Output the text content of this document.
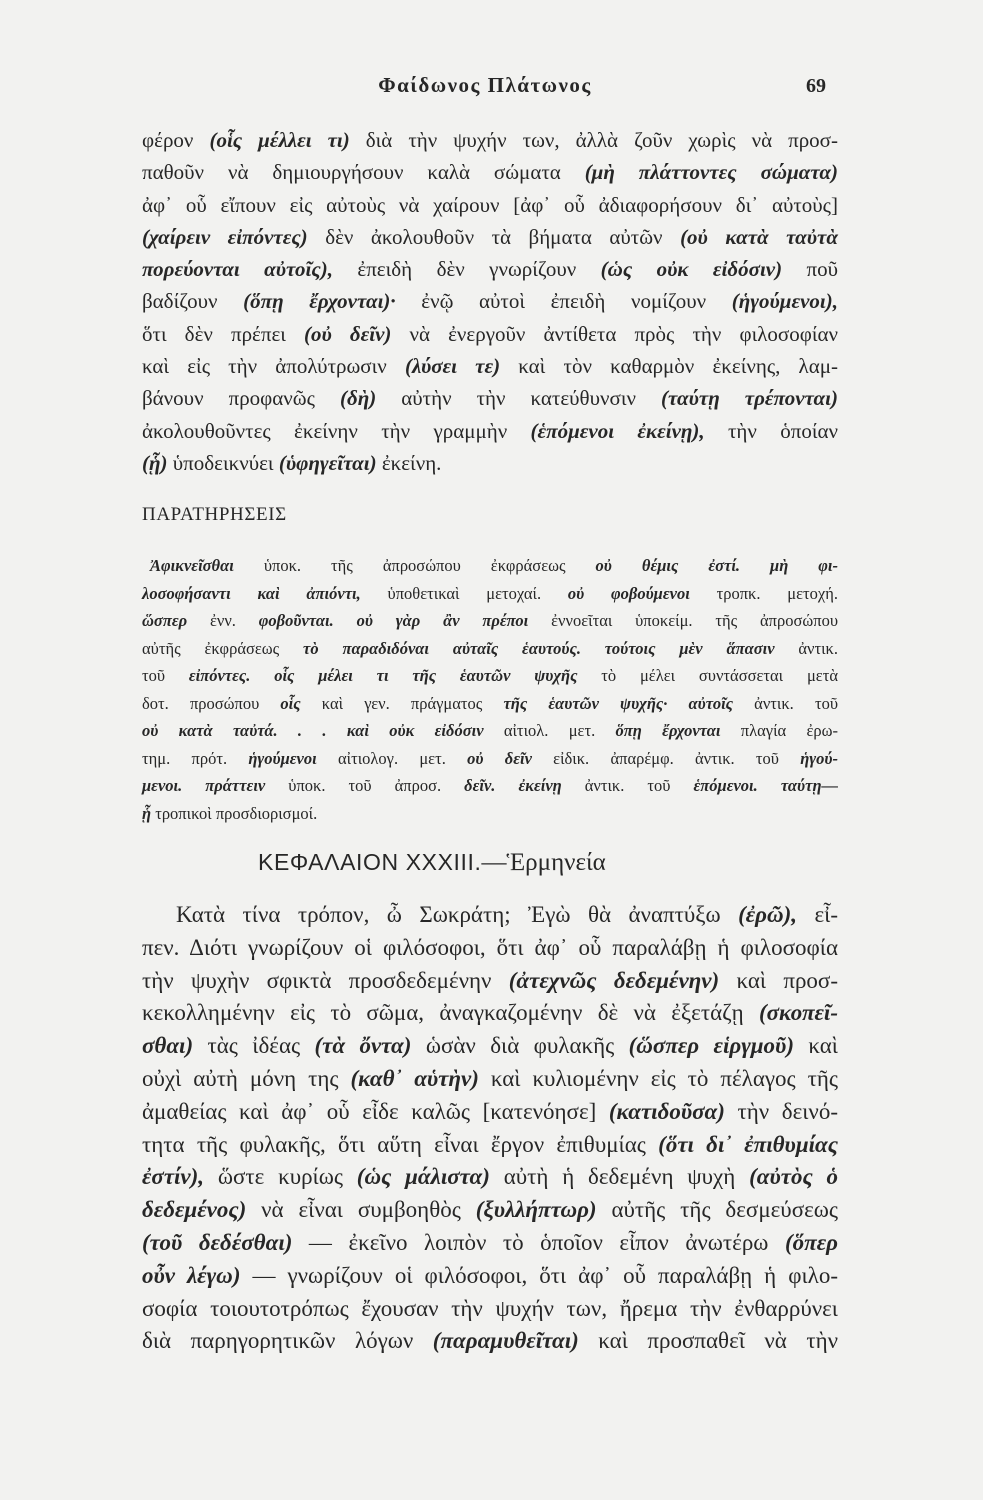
Φαίδωνος Πλάτωνος	69
φέρον (οἷς μέλλει τι) διὰ τὴν ψυχήν των, ἀλλὰ ζοῦν χωρὶς νὰ προσ-
παθοῦν νὰ δημιουργήσουν καλὰ σώματα (μὴ πλάττοντες σώματα)
ἀφ᾽ οὗ εἴπουν εἰς αὐτοὺς νὰ χαίρουν [ἀφ᾽ οὗ ἀδιαφορήσουν δι᾽ αὐτοὺς]
(χαίρειν εἰπόντες) δὲν ἀκολουθοῦν τὰ βήματα αὐτῶν (οὐ κατὰ ταὐτὰ
πορεύονται αὐτοῖς), ἐπειδὴ δὲν γνωρίζουν (ὡς οὐκ εἰδόσιν) ποῦ
βαδίζουν (ὅπῃ ἔρχονται)· ἐνῷ αὐτοὶ ἐπειδὴ νομίζουν (ἡγούμενοι),
ὅτι δὲν πρέπει (οὐ δεῖν) νὰ ἐνεργοῦν ἀντίθετα πρὸς τὴν φιλοσοφίαν
καὶ εἰς τὴν ἀπολύτρωσιν (λύσει τε) καὶ τὸν καθαρμὸν ἐκείνης, λαμ-
βάνουν προφανῶς (δὴ) αὐτὴν τὴν κατεύθυνσιν (ταύτῃ τρέπονται)
ἀκολουθοῦντες ἐκείνην τὴν γραμμὴν (ἑπόμενοι ἐκείνῃ), τὴν ὁποίαν
(ᾗ) ὑποδεικνύει (ὑφηγεῖται) ἐκείνη.
ΠΑΡΑΤΗΡΗΣΕΙΣ
Ἀφικνεῖσθαι ὑποκ. τῆς ἀπροσώπου ἐκφράσεως οὐ θέμις ἐστί. μὴ φι-
λοσοφήσαντι καὶ ἀπιόντι, ὑποθετικαὶ μετοχαί. οὐ φοβούμενοι τροπκ. μετοχή.
ὥσπερ ἐνν. φοβοῦνται. οὐ γὰρ ἂν πρέποι ἐννοεῖται ὑποκείμ. τῆς ἀπροσώπου
αὐτῆς ἐκφράσεως τὸ παραδιδόναι αὐταῖς ἑαυτούς. τούτοις μὲν ἅπασιν ἀντικ.
τοῦ εἰπόντες. οἷς μέλει τι τῆς ἑαυτῶν ψυχῆς τὸ μέλει συντάσσεται μετὰ
δοτ. προσώπου οἷς καὶ γεν. πράγματος τῆς ἑαυτῶν ψυχῆς· αὐτοῖς ἀντικ. τοῦ
οὐ κατὰ ταὐτά. . . καὶ οὐκ εἰδόσιν αἰτιολ. μετ. ὅπῃ ἔρχονται πλαγία ἐρω-
τημ. πρότ. ἡγούμενοι αἰτιολογ. μετ. οὐ δεῖν εἰδικ. ἀπαρέμφ. ἀντικ. τοῦ ἡγού-
μενοι. πράττειν ὑποκ. τοῦ ἀπροσ. δεῖν. ἐκείνῃ ἀντικ. τοῦ ἑπόμενοι. ταύτῃ—
ᾗ τροπικοὶ προσδιορισμοί.
ΚΕΦΑΛΑΙΟΝ XXXIII.—Ἑρμηνεία
Κατὰ τίνα τρόπον, ὦ Σωκράτη; Ἐγὼ θὰ ἀναπτύξω (ἐρῶ), εἶ-
πεν. Διότι γνωρίζουν οἱ φιλόσοφοι, ὅτι ἀφ᾽ οὗ παραλάβῃ ἡ φιλοσοφία
τὴν ψυχὴν σφικτὰ προσδεδεμένην (ἀτεχνῶς δεδεμένην) καὶ προσ-
κεκολλημένην εἰς τὸ σῶμα, ἀναγκαζομένην δὲ νὰ ἐξετάζῃ (σκοπεῖ-
σθαι) τὰς ἰδέας (τὰ ὄντα) ὡσὰν διὰ φυλακῆς (ὥσπερ εἱργμοῦ) καὶ
οὐχὶ αὐτὴ μόνη της (καθ᾽ αὑτὴν) καὶ κυλιομένην εἰς τὸ πέλαγος τῆς
ἀμαθείας καὶ ἀφ᾽ οὗ εἶδε καλῶς [κατενόησε] (κατιδοῦσα) τὴν δεινό-
τητα τῆς φυλακῆς, ὅτι αὕτη εἶναι ἔργον ἐπιθυμίας (ὅτι δι᾽ ἐπιθυμίας
ἐστίν), ὥστε κυρίως (ὡς μάλιστα) αὐτὴ ἡ δεδεμένη ψυχὴ (αὐτὸς ὁ
δεδεμένος) νὰ εἶναι συμβοηθὸς (ξυλλήπτωρ) αὐτῆς τῆς δεσμεύσεως
(τοῦ δεδέσθαι) — ἐκεῖνο λοιπὸν τὸ ὁποῖον εἶπον ἀνωτέρω (ὅπερ
οὖν λέγω) — γνωρίζουν οἱ φιλόσοφοι, ὅτι ἀφ᾽ οὗ παραλάβῃ ἡ φιλο-
σοφία τοιουτοτρόπως ἔχουσαν τὴν ψυχήν των, ἤρεμα τὴν ἐνθαρρύνει
διὰ παρηγορητικῶν λόγων (παραμυθεῖται) καὶ προσπαθεῖ νὰ τὴν
